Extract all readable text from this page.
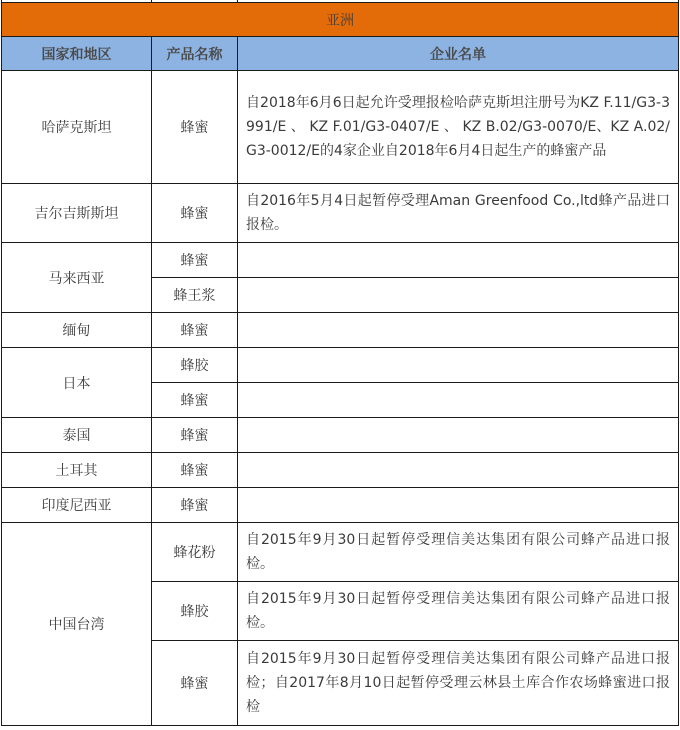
亚洲		
国家和地区	产品名称	企业名单
哈萨克斯坦	蜂蜜	自2018年6月6日起允许受理报检哈萨克斯坦注册号为KZ F.11/G3-3991/E 、 KZ F.01/G3-0407/E 、 KZ B.02/G3-0070/E、KZ A.02/G3-0012/E的4家企业自2018年6月4日起生产的蜂蜜产品
吉尔吉斯斯坦	蜂蜜	自2016年5月4日起暂停受理Aman Greenfood Co.,ltd蜂产品进口报检。
马来西亚	蜂蜜	
	蜂王浆	
缅甸	蜂蜜	
日本	蜂胶	
	蜂蜜	
泰国	蜂蜜	
土耳其	蜂蜜	
印度尼西亚	蜂蜜	
中国台湾	蜂花粉	自2015年9月30日起暂停受理信美达集团有限公司蜂产品进口报检。
	蜂胶	自2015年9月30日起暂停受理信美达集团有限公司蜂产品进口报检。
	蜂蜜	自2015年9月30日起暂停受理信美达集团有限公司蜂产品进口报检；自2017年8月10日起暂停受理云林县土库合作农场蜂蜜进口报检
